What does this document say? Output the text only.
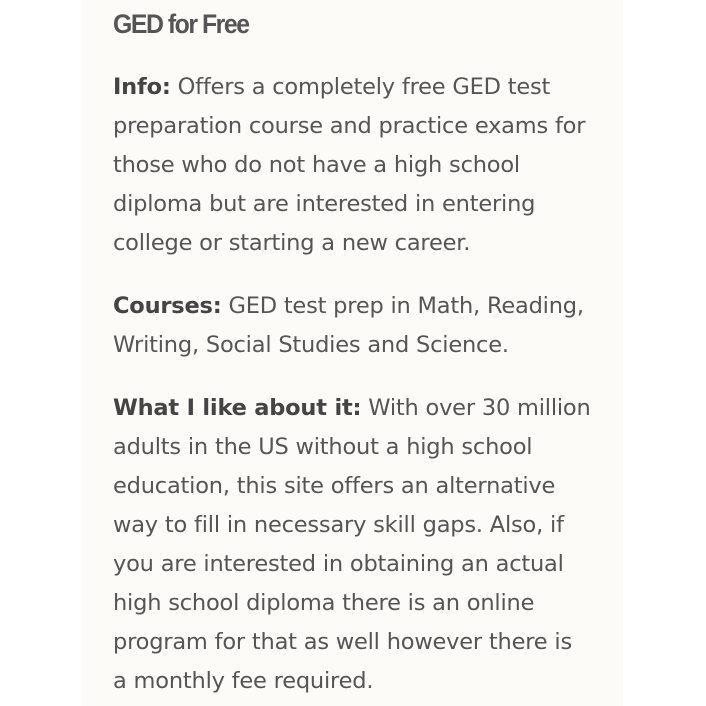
GED for Free

Info: Offers a completely free GED test
preparation course and practice exams for
those who do not have a high school
diploma but are interested in entering
college or starting a new career.

Courses: GED test prep in Math, Reading,
Writing, Social Studies and Science.

What I like about it: With over 30 million
adults in the US without a high school
education, this site offers an alternative
way to fill in necessary skill gaps. Also, if
you are interested in obtaining an actual
high school diploma there is an online
program for that as well however there is
a monthly fee required.
